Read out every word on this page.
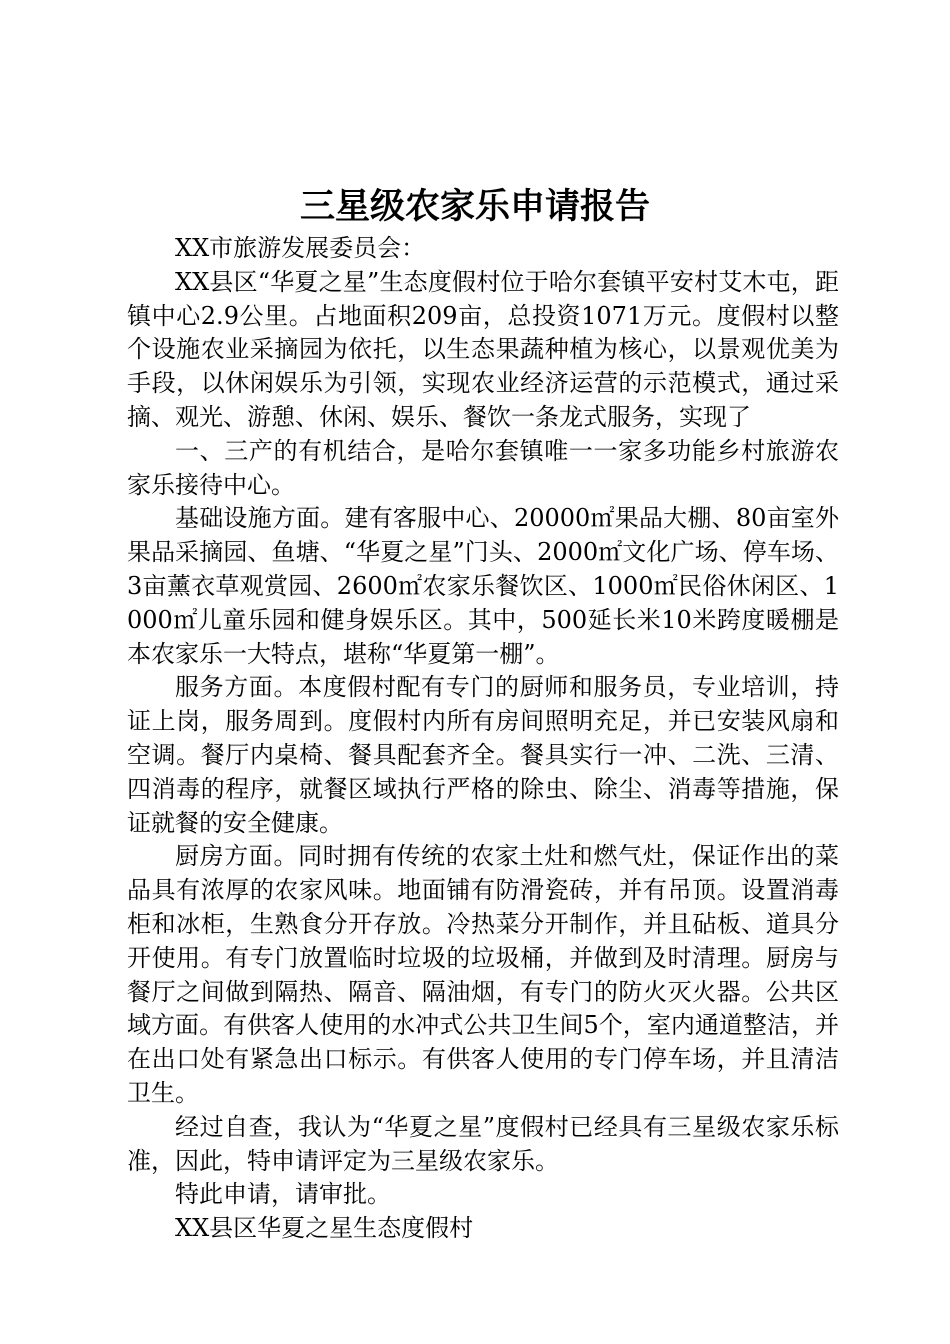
三星级农家乐申请报告

XX市旅游发展委员会：

XX县区“华夏之星”生态度假村位于哈尔套镇平安村艾木屯，距镇中心2.9公里。占地面积209亩，总投资1071万元。度假村以整个设施农业采摘园为依托，以生态果蔬种植为核心，以景观优美为手段，以休闲娱乐为引领，实现农业经济运营的示范模式，通过采摘、观光、游憩、休闲、娱乐、餐饮一条龙式服务，实现了

一、三产的有机结合，是哈尔套镇唯一一家多功能乡村旅游农家乐接待中心。

基础设施方面。建有客服中心、20000㎡果品大棚、80亩室外果品采摘园、鱼塘、“华夏之星”门头、2000㎡文化广场、停车场、3亩薰衣草观赏园、2600㎡农家乐餐饮区、1000㎡民俗休闲区、1000㎡儿童乐园和健身娱乐区。其中，500延长米10米跨度暖棚是本农家乐一大特点，堪称“华夏第一棚”。

服务方面。本度假村配有专门的厨师和服务员，专业培训，持证上岗，服务周到。度假村内所有房间照明充足，并已安装风扇和空调。餐厅内桌椅、餐具配套齐全。餐具实行一冲、二洗、三清、四消毒的程序，就餐区域执行严格的除虫、除尘、消毒等措施，保证就餐的安全健康。

厨房方面。同时拥有传统的农家土灶和燃气灶，保证作出的菜品具有浓厚的农家风味。地面铺有防滑瓷砖，并有吊顶。设置消毒柜和冰柜，生熟食分开存放。冷热菜分开制作，并且砧板、道具分开使用。有专门放置临时垃圾的垃圾桶，并做到及时清理。厨房与餐厅之间做到隔热、隔音、隔油烟，有专门的防火灭火器。公共区域方面。有供客人使用的水冲式公共卫生间5个，室内通道整洁，并在出口处有紧急出口标示。有供客人使用的专门停车场，并且清洁卫生。

经过自查，我认为“华夏之星”度假村已经具有三星级农家乐标准，因此，特申请评定为三星级农家乐。

特此申请，请审批。

XX县区华夏之星生态度假村
